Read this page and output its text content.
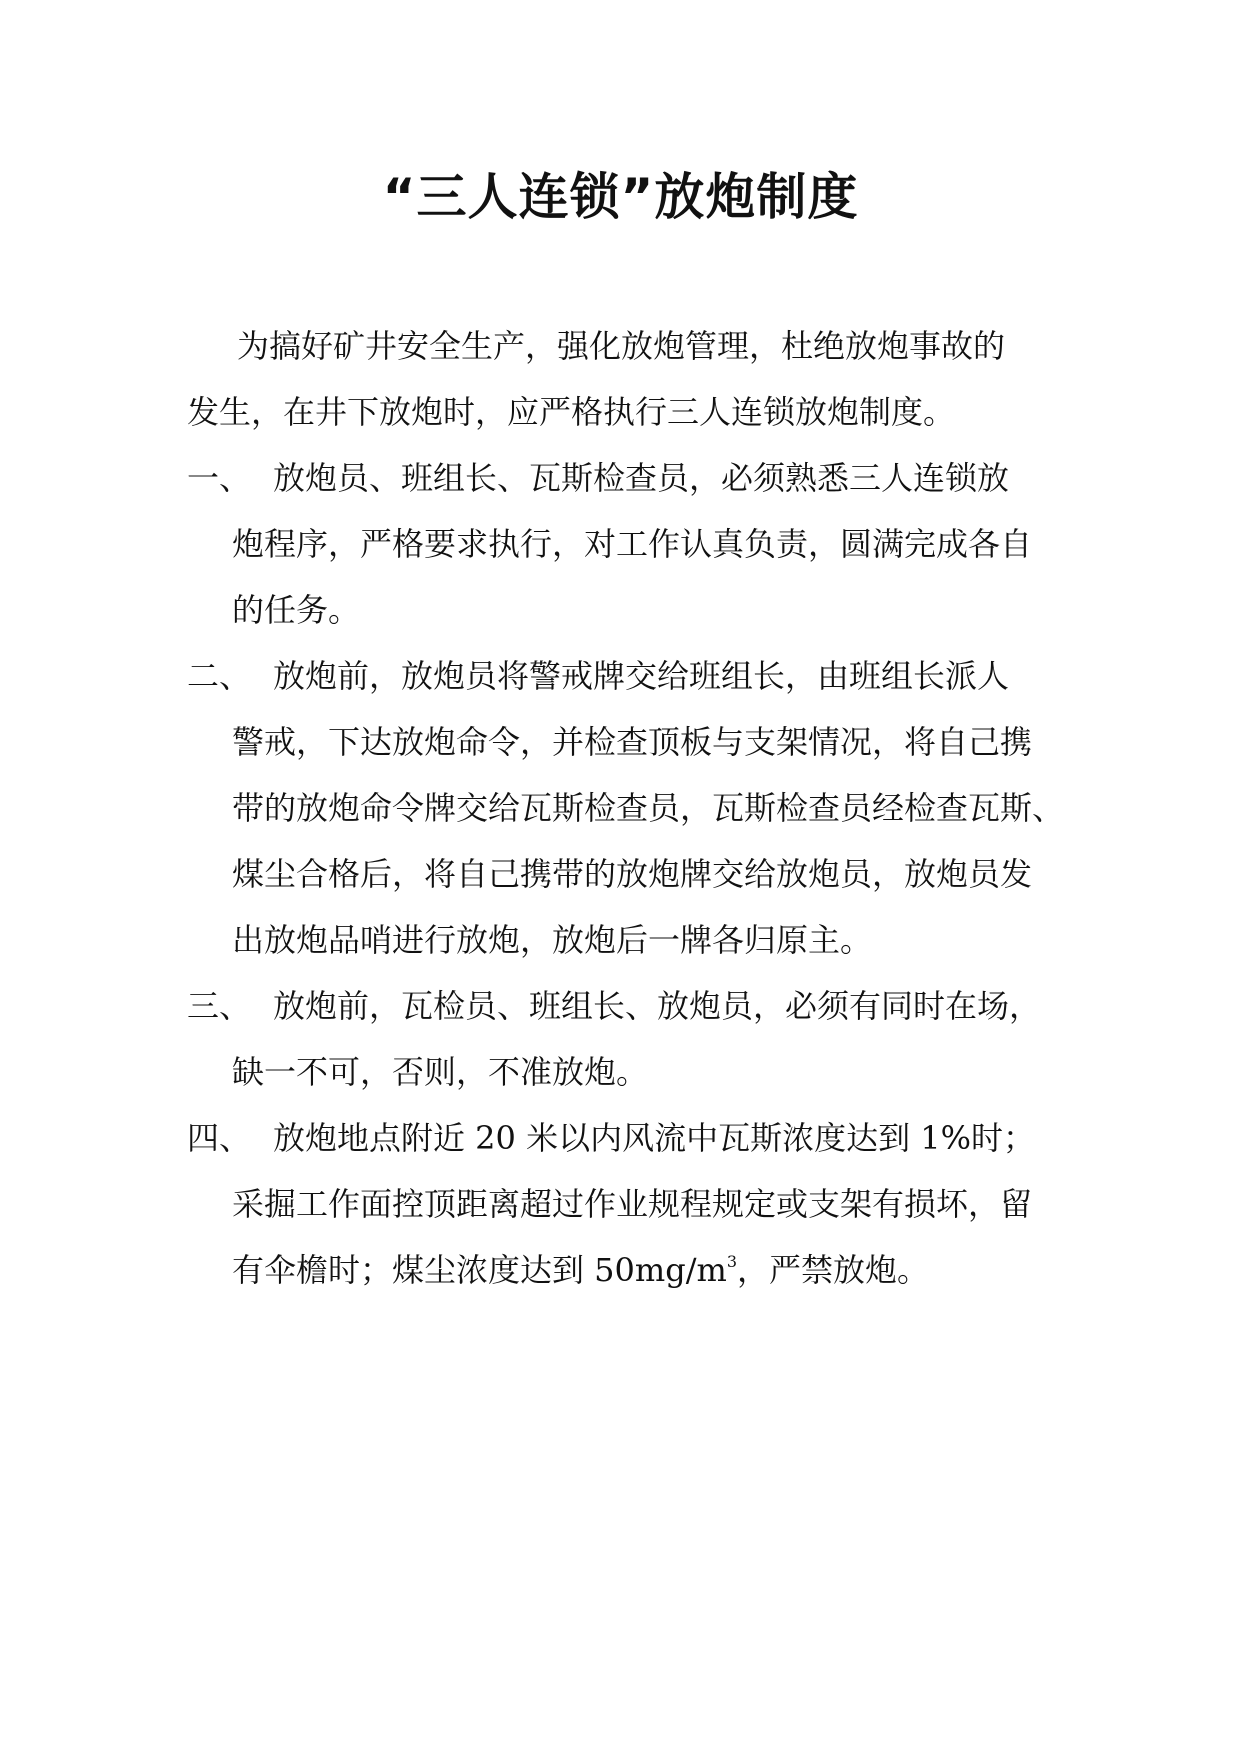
“三人连锁”放炮制度

为搞好矿井安全生产，强化放炮管理，杜绝放炮事故的
发生，在井下放炮时，应严格执行三人连锁放炮制度。

一、 放炮员、班组长、瓦斯检查员，必须熟悉三人连锁放
炮程序，严格要求执行，对工作认真负责，圆满完成各自
的任务。
二、 放炮前，放炮员将警戒牌交给班组长，由班组长派人
警戒，下达放炮命令，并检查顶板与支架情况，将自己携
带的放炮命令牌交给瓦斯检查员，瓦斯检查员经检查瓦斯、
煤尘合格后，将自己携带的放炮牌交给放炮员，放炮员发
出放炮品哨进行放炮，放炮后一牌各归原主。
三、 放炮前，瓦检员、班组长、放炮员，必须有同时在场，
缺一不可，否则，不准放炮。
四、 放炮地点附近 20 米以内风流中瓦斯浓度达到 1%时；
采掘工作面控顶距离超过作业规程规定或支架有损坏，留
有伞檐时；煤尘浓度达到 $50mg/m^3$，严禁放炮。
